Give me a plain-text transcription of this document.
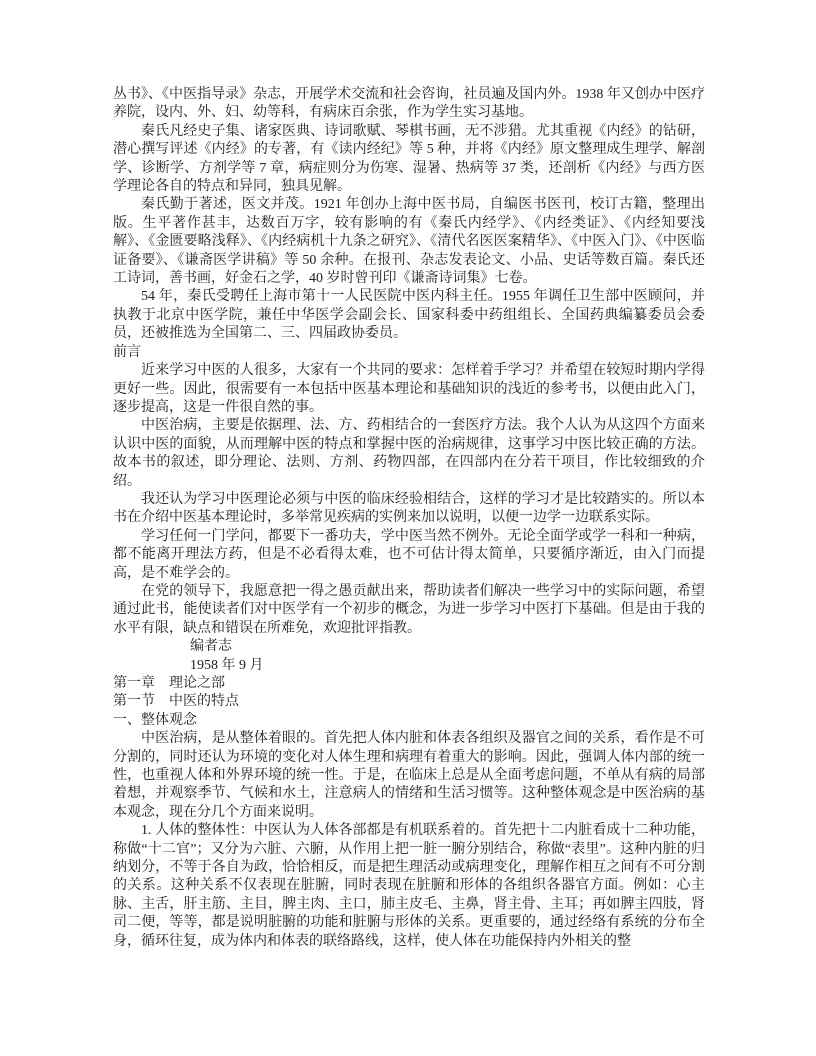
丛书》、《中医指导录》杂志，开展学术交流和社会咨询，社员遍及国内外。1938 年又创办中医疗养院，设内、外、妇、幼等科，有病床百余张，作为学生实习基地。

秦氏凡经史子集、诸家医典、诗词歌赋、琴棋书画，无不涉猎。尤其重视《内经》的钻研，潜心撰写评述《内经》的专著，有《读内经纪》等 5 种，并将《内经》原文整理成生理学、解剖学、诊断学、方剂学等 7 章，病症则分为伤寒、湿暑、热病等 37 类，还剖析《内经》与西方医学理论各自的特点和异同，独具见解。

秦氏勤于著述，医文并茂。1921 年创办上海中医书局，自编医书医刊，校订古籍，整理出版。生平著作甚丰，达数百万字，较有影响的有《秦氏内经学》、《内经类证》、《内经知要浅解》、《金匮要略浅释》、《内经病机十九条之研究》、《清代名医医案精华》、《中医入门》、《中医临证备要》、《谦斋医学讲稿》等 50 余种。在报刊、杂志发表论文、小品、史话等数百篇。秦氏还工诗词，善书画，好金石之学，40 岁时曾刊印《谦斋诗词集》七卷。

54 年，秦氏受聘任上海市第十一人民医院中医内科主任。1955 年调任卫生部中医顾问，并执教于北京中医学院，兼任中华医学会副会长、国家科委中药组组长、全国药典编纂委员会委员，还被推选为全国第二、三、四届政协委员。

前言

近来学习中医的人很多，大家有一个共同的要求：怎样着手学习？并希望在较短时期内学得更好一些。因此，很需要有一本包括中医基本理论和基础知识的浅近的参考书，以便由此入门，逐步提高，这是一件很自然的事。

中医治病，主要是依据理、法、方、药相结合的一套医疗方法。我个人认为从这四个方面来认识中医的面貌，从而理解中医的特点和掌握中医的治病规律，这事学习中医比较正确的方法。故本书的叙述，即分理论、法则、方剂、药物四部，在四部内在分若干项目，作比较细致的介绍。

我还认为学习中医理论必须与中医的临床经验相结合，这样的学习才是比较踏实的。所以本书在介绍中医基本理论时，多举常见疾病的实例来加以说明，以便一边学一边联系实际。

学习任何一门学问，都要下一番功夫，学中医当然不例外。无论全面学或学一科和一种病，都不能离开理法方药，但是不必看得太难，也不可估计得太简单，只要循序渐近，由入门而提高，是不难学会的。

在党的领导下，我愿意把一得之愚贡献出来，帮助读者们解决一些学习中的实际问题，希望通过此书，能使读者们对中医学有一个初步的概念，为进一步学习中医打下基础。但是由于我的水平有限，缺点和错误在所难免，欢迎批评指教。

编者志

1958 年 9 月

第一章　理论之部

第一节　中医的特点

一、整体观念

中医治病，是从整体着眼的。首先把人体内脏和体表各组织及器官之间的关系，看作是不可分割的，同时还认为环境的变化对人体生理和病理有着重大的影响。因此，强调人体内部的统一性，也重视人体和外界环境的统一性。于是，在临床上总是从全面考虑问题，不单从有病的局部着想，并观察季节、气候和水土，注意病人的情绪和生活习惯等。这种整体观念是中医治病的基本观念，现在分几个方面来说明。

1. 人体的整体性：中医认为人体各部都是有机联系着的。首先把十二内脏看成十二种功能，称做“十二官”；又分为六脏、六腑，从作用上把一脏一腑分别结合，称做“表里”。这种内脏的归纳划分，不等于各自为政，恰恰相反，而是把生理活动或病理变化，理解作相互之间有不可分割的关系。这种关系不仅表现在脏腑，同时表现在脏腑和形体的各组织各器官方面。例如：心主脉、主舌，肝主筋、主目，脾主肉、主口，肺主皮毛、主鼻，肾主骨、主耳；再如脾主四肢，肾司二便，等等，都是说明脏腑的功能和脏腑与形体的关系。更重要的，通过经络有系统的分布全身，循环往复，成为体内和体表的联络路线，这样，使人体在功能保持内外相关的整
